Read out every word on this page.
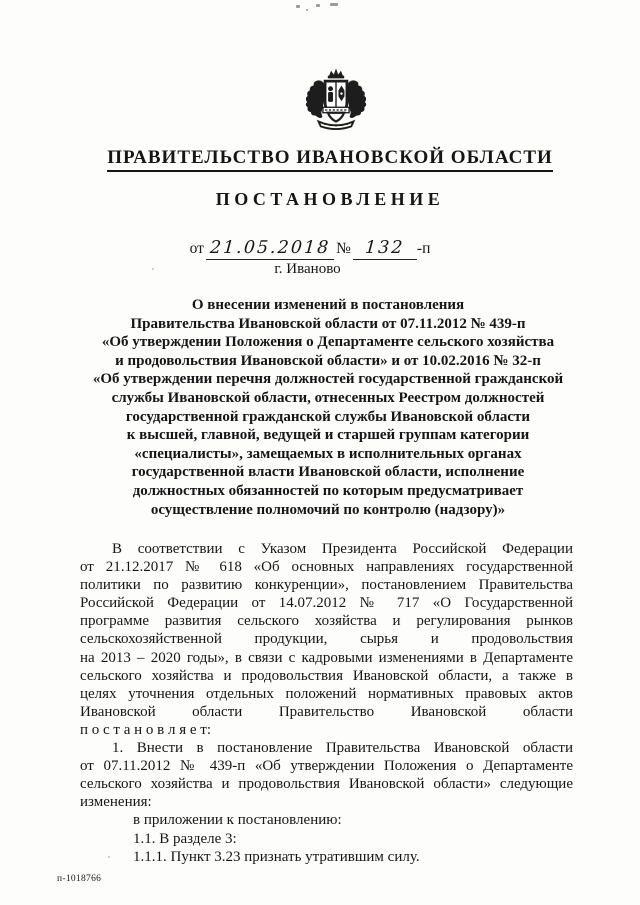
ПРАВИТЕЛЬСТВО ИВАНОВСКОЙ ОБЛАСТИ
ПОСТАНОВЛЕНИЕ
от 21.05.2018 № 132 -п
г. Иваново
О внесении изменений в постановления
Правительства Ивановской области от 07.11.2012 № 439-п
«Об утверждении Положения о Департаменте сельского хозяйства
и продовольствия Ивановской области» и от 10.02.2016 № 32-п
«Об утверждении перечня должностей государственной гражданской
службы Ивановской области, отнесенных Реестром должностей
государственной гражданской службы Ивановской области
к высшей, главной, ведущей и старшей группам категории
«специалисты», замещаемых в исполнительных органах
государственной власти Ивановской области, исполнение
должностных обязанностей по которым предусматривает
осуществление полномочий по контролю (надзору)»
В соответствии с Указом Президента Российской Федерации
от 21.12.2017 № 618 «Об основных направлениях государственной
политики по развитию конкуренции», постановлением Правительства
Российской Федерации от 14.07.2012 № 717 «О Государственной
программе развития сельского хозяйства и регулирования рынков
сельскохозяйственной продукции, сырья и продовольствия
на 2013 – 2020 годы», в связи с кадровыми изменениями в Департаменте
сельского хозяйства и продовольствия Ивановской области, а также в
целях уточнения отдельных положений нормативных правовых актов
Ивановской области Правительство Ивановской области
п о с т а н о в л я е т:
1. Внести в постановление Правительства Ивановской области
от 07.11.2012 № 439-п «Об утверждении Положения о Департаменте
сельского хозяйства и продовольствия Ивановской области» следующие
изменения:
в приложении к постановлению:
1.1. В разделе 3:
1.1.1. Пункт 3.23 признать утратившим силу.
п-1018766
